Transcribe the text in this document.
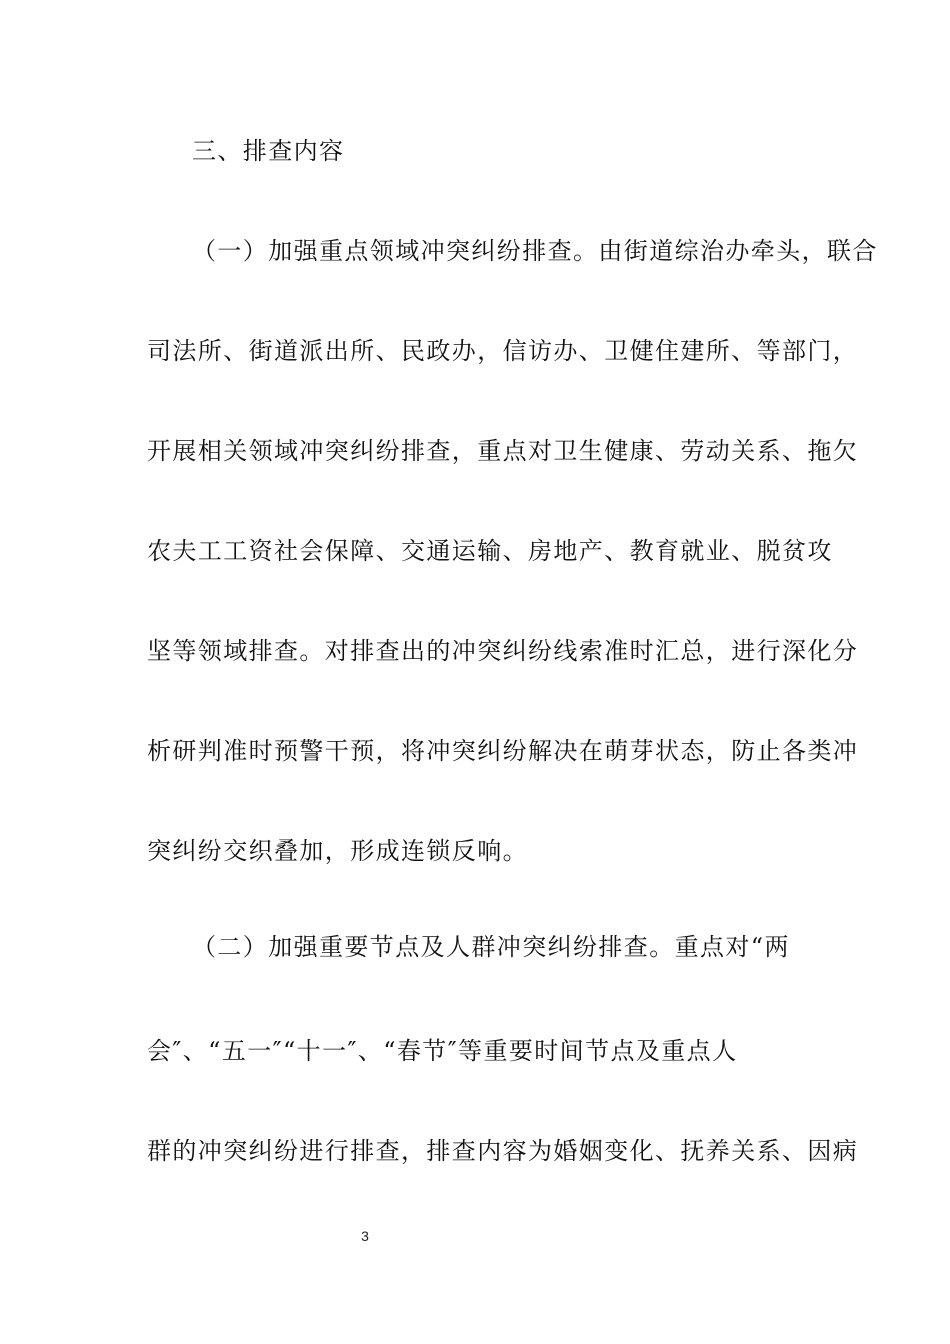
三、排查内容
（一）加强重点领域冲突纠纷排查。由街道综治办牵头，联合
司法所、街道派出所、民政办，信访办、卫健住建所、等部门，
开展相关领域冲突纠纷排查，重点对卫生健康、劳动关系、拖欠
农夫工工资社会保障、交通运输、房地产、教育就业、脱贫攻
坚等领域排查。对排查出的冲突纠纷线索准时汇总，进行深化分
析研判准时预警干预，将冲突纠纷解决在萌芽状态，防止各类冲
突纠纷交织叠加，形成连锁反响。
（二）加强重要节点及人群冲突纠纷排查。重点对“两
会″、“五一″“十一″、“春节″等重要时间节点及重点人
群的冲突纠纷进行排查，排查内容为婚姻变化、抚养关系、因病
3
